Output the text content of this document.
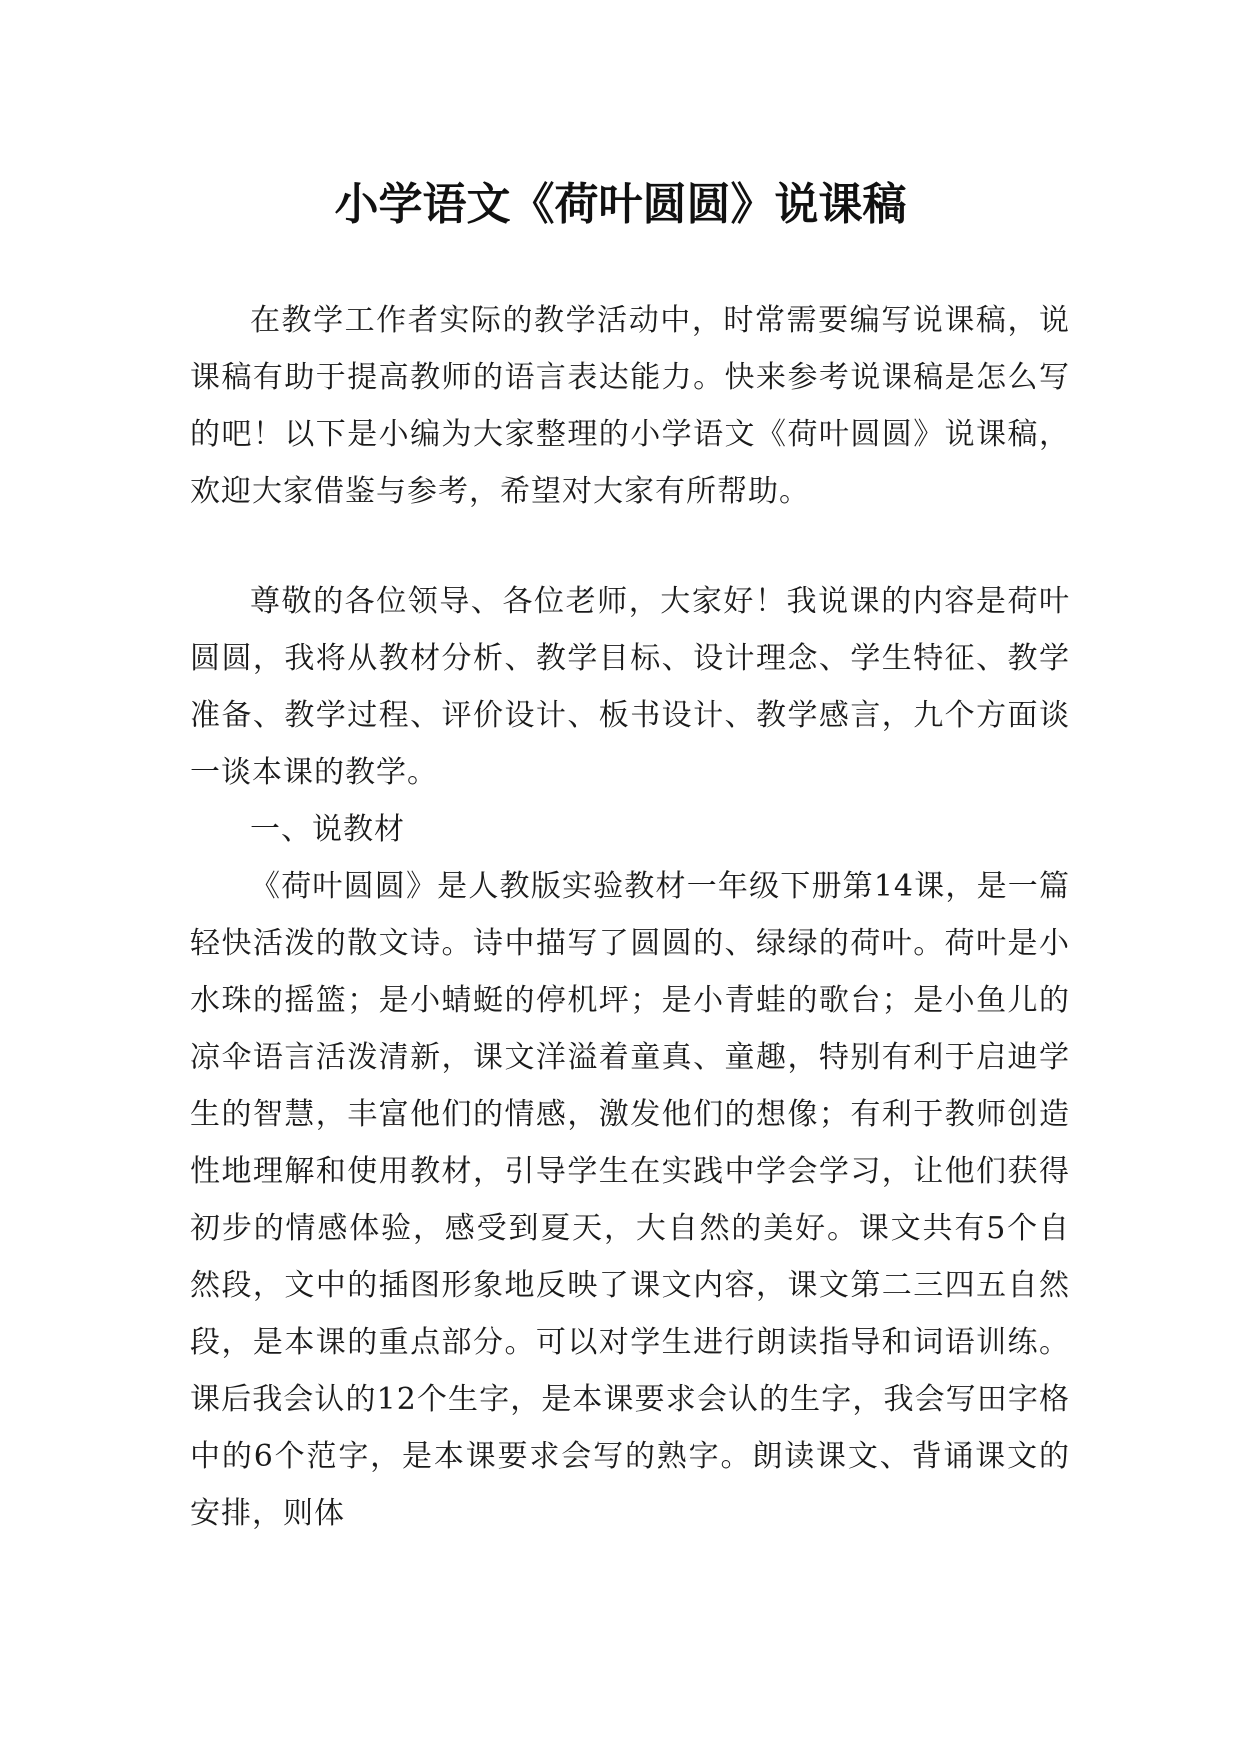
小学语文《荷叶圆圆》说课稿

在教学工作者实际的教学活动中，时常需要编写说课稿，说课稿有助于提高教师的语言表达能力。快来参考说课稿是怎么写的吧！以下是小编为大家整理的小学语文《荷叶圆圆》说课稿，欢迎大家借鉴与参考，希望对大家有所帮助。

尊敬的各位领导、各位老师，大家好！我说课的内容是荷叶圆圆，我将从教材分析、教学目标、设计理念、学生特征、教学准备、教学过程、评价设计、板书设计、教学感言，九个方面谈一谈本课的教学。

一、说教材

《荷叶圆圆》是人教版实验教材一年级下册第14课，是一篇轻快活泼的散文诗。诗中描写了圆圆的、绿绿的荷叶。荷叶是小水珠的摇篮；是小蜻蜓的停机坪；是小青蛙的歌台；是小鱼儿的凉伞语言活泼清新，课文洋溢着童真、童趣，特别有利于启迪学生的智慧，丰富他们的情感，激发他们的想像；有利于教师创造性地理解和使用教材，引导学生在实践中学会学习，让他们获得初步的情感体验，感受到夏天，大自然的美好。课文共有5个自然段，文中的插图形象地反映了课文内容，课文第二三四五自然段，是本课的重点部分。可以对学生进行朗读指导和词语训练。课后我会认的12个生字，是本课要求会认的生字，我会写田字格中的6个范字，是本课要求会写的熟字。朗读课文、背诵课文的安排，则体
